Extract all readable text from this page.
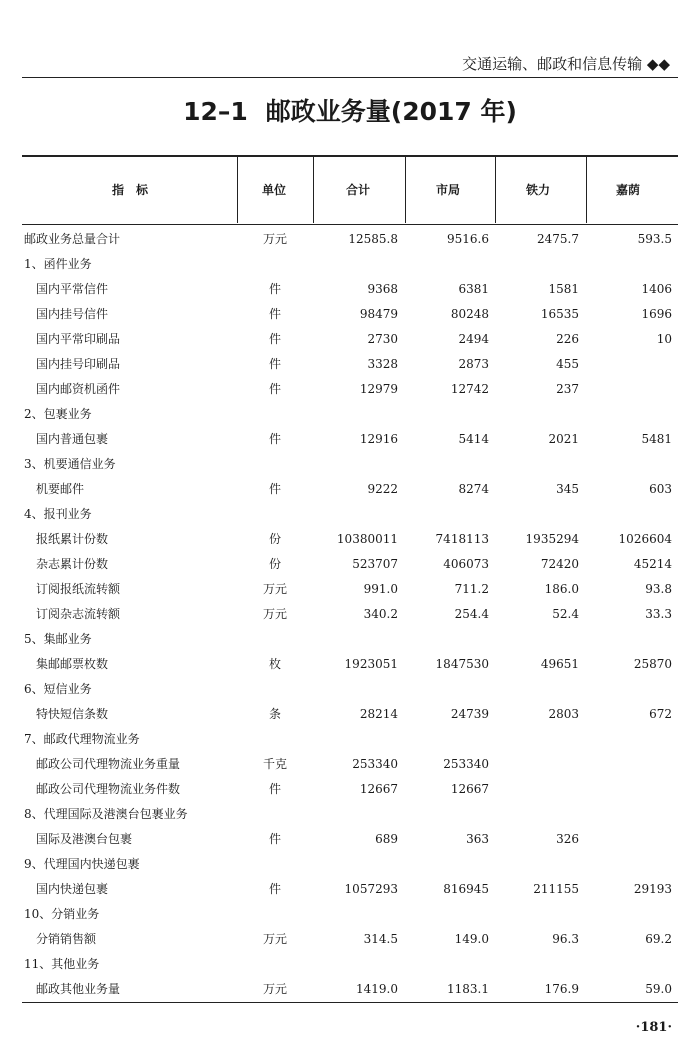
交通运输、邮政和信息传输 ◆◆
12–1 邮政业务量(2017 年)
指　标	单位	合计	市局	铁力	嘉荫
邮政业务总量合计	万元	12585.8	9516.6	2475.7	593.5
1、函件业务
国内平常信件	件	9368	6381	1581	1406
国内挂号信件	件	98479	80248	16535	1696
国内平常印刷品	件	2730	2494	226	10
国内挂号印刷品	件	3328	2873	455
国内邮资机函件	件	12979	12742	237
2、包裹业务
国内普通包裹	件	12916	5414	2021	5481
3、机要通信业务
机要邮件	件	9222	8274	345	603
4、报刊业务
报纸累计份数	份	10380011	7418113	1935294	1026604
杂志累计份数	份	523707	406073	72420	45214
订阅报纸流转额	万元	991.0	711.2	186.0	93.8
订阅杂志流转额	万元	340.2	254.4	52.4	33.3
5、集邮业务
集邮邮票枚数	枚	1923051	1847530	49651	25870
6、短信业务
特快短信条数	条	28214	24739	2803	672
7、邮政代理物流业务
邮政公司代理物流业务重量	千克	253340	253340
邮政公司代理物流业务件数	件	12667	12667
8、代理国际及港澳台包裹业务
国际及港澳台包裹	件	689	363	326
9、代理国内快递包裹
国内快递包裹	件	1057293	816945	211155	29193
10、分销业务
分销销售额	万元	314.5	149.0	96.3	69.2
11、其他业务
邮政其他业务量	万元	1419.0	1183.1	176.9	59.0
·181·
